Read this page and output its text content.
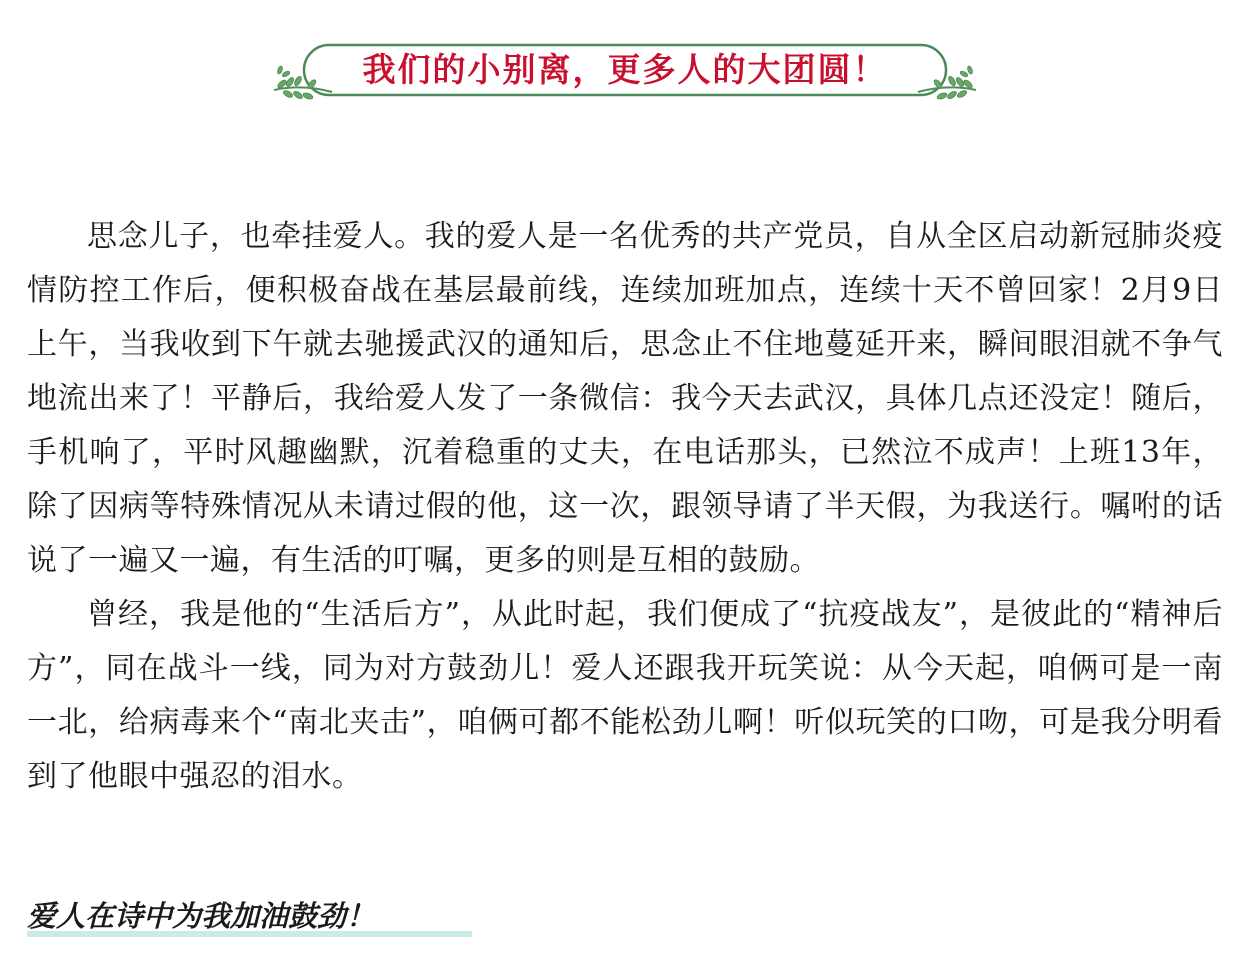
我们的小别离，更多人的大团圆！

思念儿子，也牵挂爱人。我的爱人是一名优秀的共产党员，自从全区启动新冠肺炎疫情防控工作后，便积极奋战在基层最前线，连续加班加点，连续十天不曾回家！2月9日上午，当我收到下午就去驰援武汉的通知后，思念止不住地蔓延开来，瞬间眼泪就不争气地流出来了！平静后，我给爱人发了一条微信：我今天去武汉，具体几点还没定！随后，手机响了，平时风趣幽默，沉着稳重的丈夫，在电话那头，已然泣不成声！上班13年，除了因病等特殊情况从未请过假的他，这一次，跟领导请了半天假，为我送行。嘱咐的话说了一遍又一遍，有生活的叮嘱，更多的则是互相的鼓励。

曾经，我是他的“生活后方”，从此时起，我们便成了“抗疫战友”，是彼此的“精神后方”，同在战斗一线，同为对方鼓劲儿！爱人还跟我开玩笑说：从今天起，咱俩可是一南一北，给病毒来个“南北夹击”，咱俩可都不能松劲儿啊！听似玩笑的口吻，可是我分明看到了他眼中强忍的泪水。

爱人在诗中为我加油鼓劲！
